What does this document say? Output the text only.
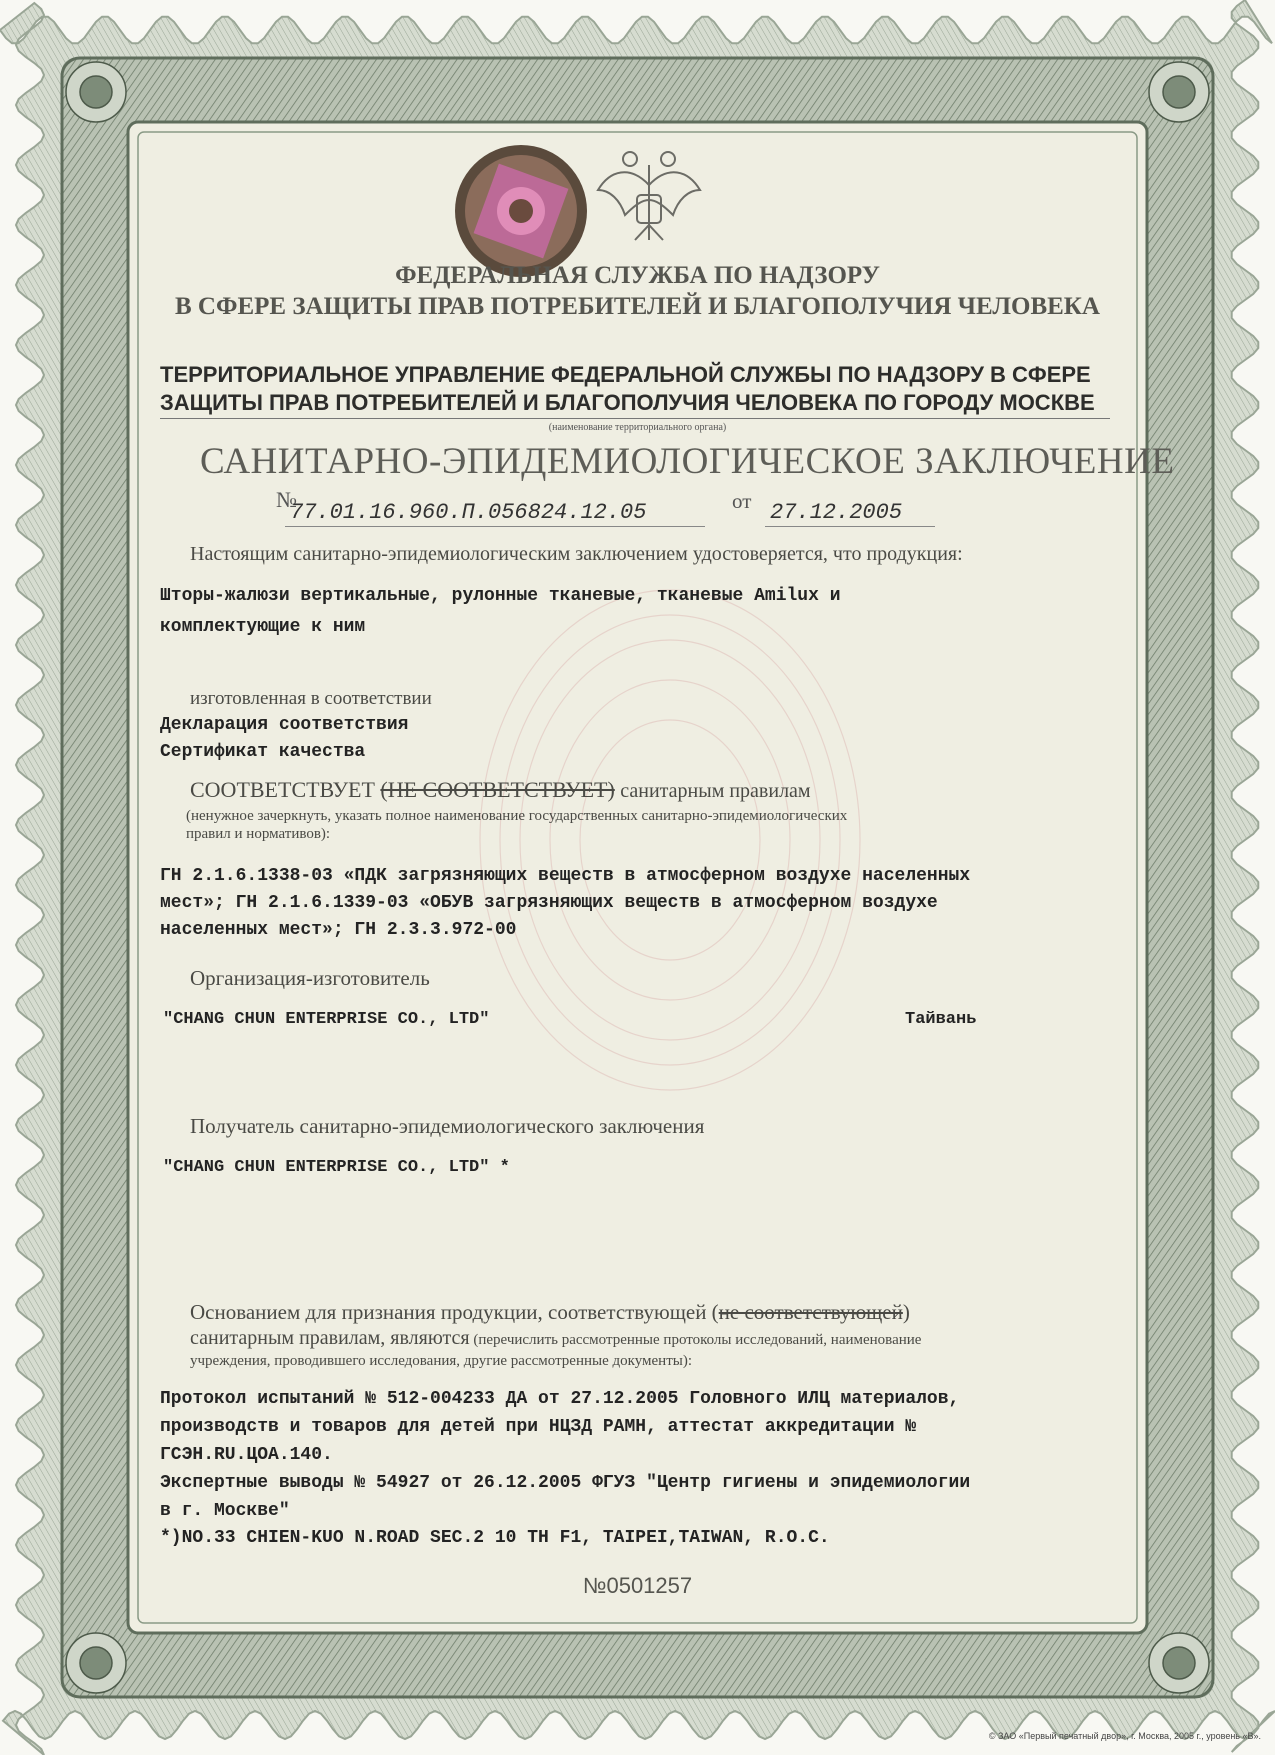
ФЕДЕРАЛЬНАЯ СЛУЖБА ПО НАДЗОРУ
В СФЕРЕ ЗАЩИТЫ ПРАВ ПОТРЕБИТЕЛЕЙ И БЛАГОПОЛУЧИЯ ЧЕЛОВЕКА
ТЕРРИТОРИАЛЬНОЕ УПРАВЛЕНИЕ ФЕДЕРАЛЬНОЙ СЛУЖБЫ ПО НАДЗОРУ В СФЕРЕ
ЗАЩИТЫ ПРАВ ПОТРЕБИТЕЛЕЙ И БЛАГОПОЛУЧИЯ ЧЕЛОВЕКА ПО ГОРОДУ МОСКВЕ
(наименование территориального органа)
САНИТАРНО-ЭПИДЕМИОЛОГИЧЕСКОЕ ЗАКЛЮЧЕНИЕ
№
77.01.16.960.П.056824.12.05	от 27.12.2005
Настоящим санитарно-эпидемиологическим заключением удостоверяется, что продукция:
Шторы-жалюзи вертикальные, рулонные тканевые, тканевые Amilux и
комплектующие к ним
изготовленная в соответствии
Декларация соответствия
Сертификат качества
СООТВЕТСТВУЕТ (НЕ СООТВЕТСТВУЕТ) санитарным правилам
(ненужное зачеркнуть, указать полное наименование государственных санитарно-эпидемиологических
правил и нормативов):
ГН 2.1.6.1338-03 «ПДК загрязняющих веществ в атмосферном воздухе населенных
мест»; ГН 2.1.6.1339-03 «ОБУВ загрязняющих веществ в атмосферном воздухе
населенных мест»; ГН 2.3.3.972-00
Организация-изготовитель
"CHANG CHUN ENTERPRISE CO., LTD"	Тайвань
Получатель санитарно-эпидемиологического заключения
"CHANG CHUN ENTERPRISE CO., LTD" *
Основанием для признания продукции, соответствующей (не соответствующей)
санитарным правилам, являются (перечислить рассмотренные протоколы исследований, наименование
учреждения, проводившего исследования, другие рассмотренные документы):
Протокол испытаний № 512-004233 ДА от 27.12.2005 Головного ИЛЦ материалов,
производств и товаров для детей при НЦЗД РАМН, аттестат аккредитации №
ГСЭН.RU.ЦОА.140.
Экспертные выводы № 54927 от 26.12.2005 ФГУЗ "Центр гигиены и эпидемиологии
в г. Москве"
*)NO.33 CHIEN-KUO N.ROAD SEC.2 10 TH F1, TAIPEI,TAIWAN, R.O.C.
№0501257
© ЗАО «Первый печатный двор», г. Москва, 2005 г., уровень «В».
